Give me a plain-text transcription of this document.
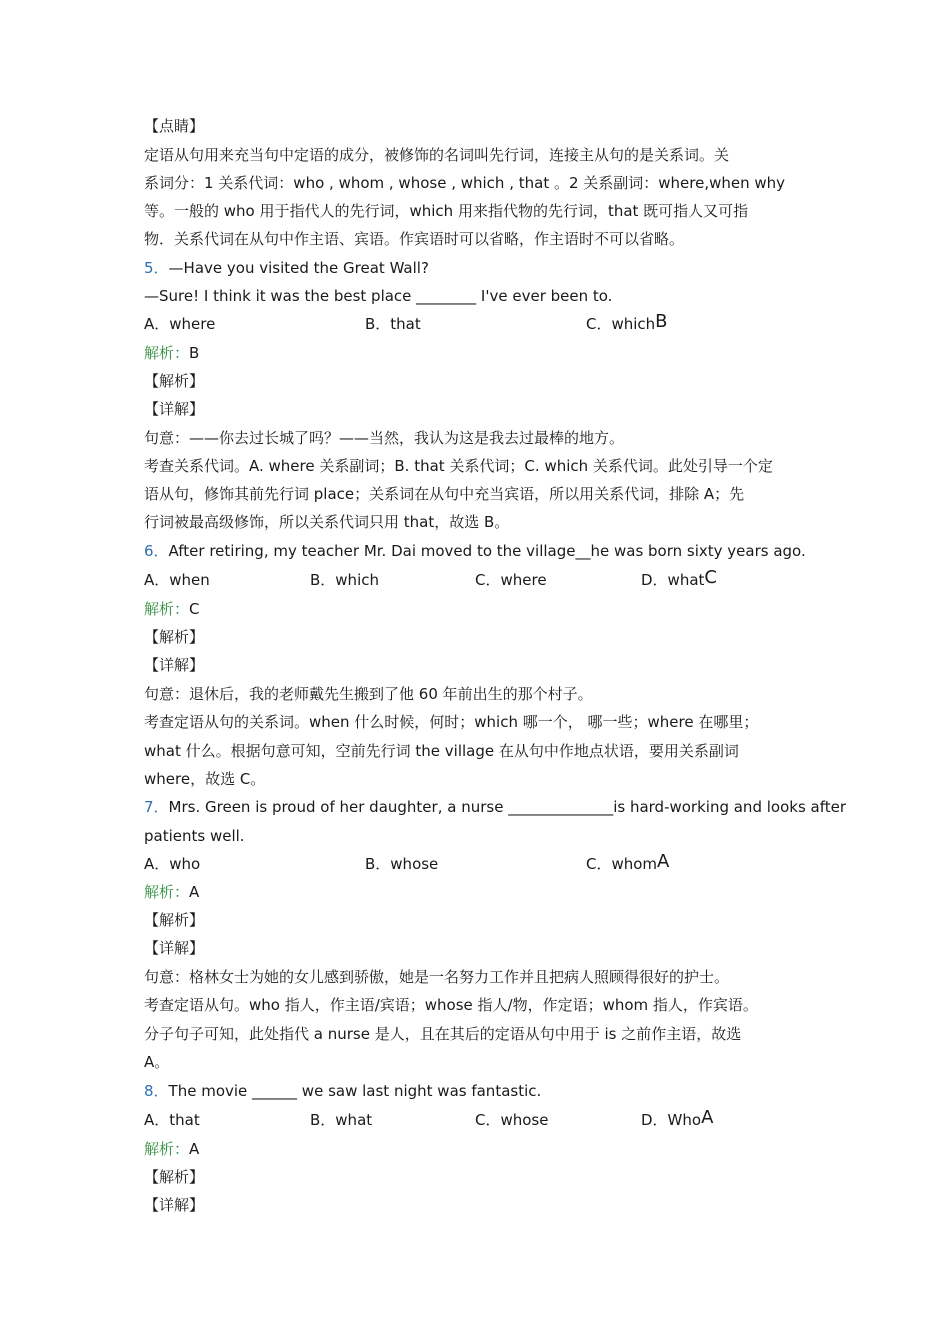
【点睛】
定语从句用来充当句中定语的成分，被修饰的名词叫先行词，连接主从句的是关系词。关
系词分：1 关系代词：who , whom , whose , which , that 。2 关系副词：where,when why
等。一般的 who 用于指代人的先行词，which 用来指代物的先行词，that 既可指人又可指
物．关系代词在从句中作主语、宾语。作宾语时可以省略，作主语时不可以省略。
5．—Have you visited the Great Wall?
—Sure! I think it was the best place ________ I've ever been to.
A．where	B．that	C．whichB
解析：B
【解析】
【详解】
句意：——你去过长城了吗？——当然，我认为这是我去过最棒的地方。
考查关系代词。A. where 关系副词；B. that 关系代词；C. which 关系代词。此处引导一个定
语从句，修饰其前先行词 place；关系词在从句中充当宾语，所以用关系代词，排除 A；先
行词被最高级修饰，所以关系代词只用 that，故选 B。
6．After retiring, my teacher Mr. Dai moved to the village__he was born sixty years ago.
A．when	B．which	C．where	D．whatC
解析：C
【解析】
【详解】
句意：退休后，我的老师戴先生搬到了他 60 年前出生的那个村子。
考查定语从句的关系词。when 什么时候，何时；which 哪一个， 哪一些；where 在哪里；
what 什么。根据句意可知，空前先行词 the village 在从句中作地点状语，要用关系副词
where，故选 C。
7．Mrs. Green is proud of her daughter, a nurse ______________is hard-working and looks after
patients well.
A．who	B．whose	C．whomA
解析：A
【解析】
【详解】
句意：格林女士为她的女儿感到骄傲，她是一名努力工作并且把病人照顾得很好的护士。
考查定语从句。who 指人，作主语/宾语；whose 指人/物，作定语；whom 指人，作宾语。
分子句子可知，此处指代 a nurse 是人，且在其后的定语从句中用于 is 之前作主语，故选
A。
8．The movie ______ we saw last night was fantastic.
A．that	B．what	C．whose	D．WhoA
解析：A
【解析】
【详解】
